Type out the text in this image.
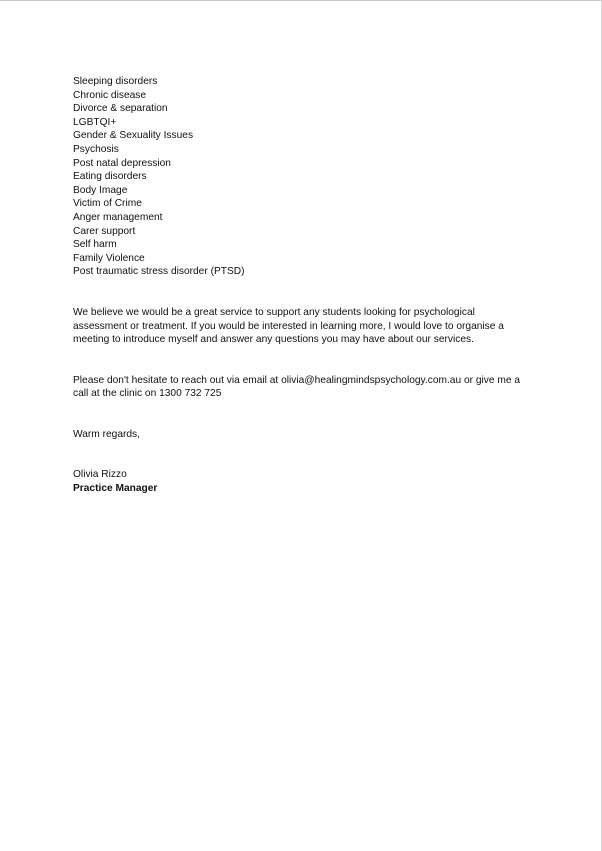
Sleeping disorders
Chronic disease
Divorce & separation
LGBTQI+
Gender & Sexuality Issues
Psychosis
Post natal depression
Eating disorders
Body Image
Victim of Crime
Anger management
Carer support
Self harm
Family Violence
Post traumatic stress disorder (PTSD)
We believe we would be a great service to support any students looking for psychological
assessment or treatment. If you would be interested in learning more, I would love to organise a
meeting to introduce myself and answer any questions you may have about our services.
Please don't hesitate to reach out via email at olivia@healingmindspsychology.com.au or give me a
call at the clinic on 1300 732 725
Warm regards,
Olivia Rizzo
Practice Manager
